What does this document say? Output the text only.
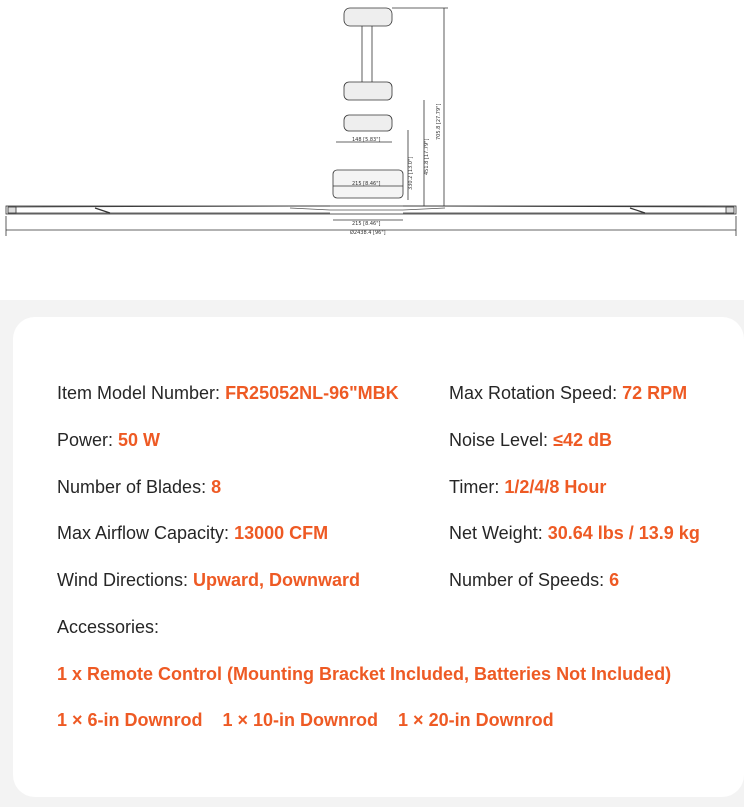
148 [5.83"]
215 [8.46"]
215 [8.46"]
Ø2438.4 [96"]
330.2 [13.0"] 451.8 [17.79"]
705.8 [27.79"]
Item Model Number: FR25052NL-96"MBK
Power: 50 W
Number of Blades: 8
Max Airflow Capacity: 13000 CFM
Wind Directions: Upward, Downward
Max Rotation Speed: 72 RPM
Noise Level: ≤42 dB
Timer: 1/2/4/8 Hour
Net Weight: 30.64 lbs / 13.9 kg
Number of Speeds: 6
Accessories:
1 x Remote Control (Mounting Bracket Included, Batteries Not Included)
1 × 6-in Downrod 1 × 10-in Downrod 1 × 20-in Downrod
